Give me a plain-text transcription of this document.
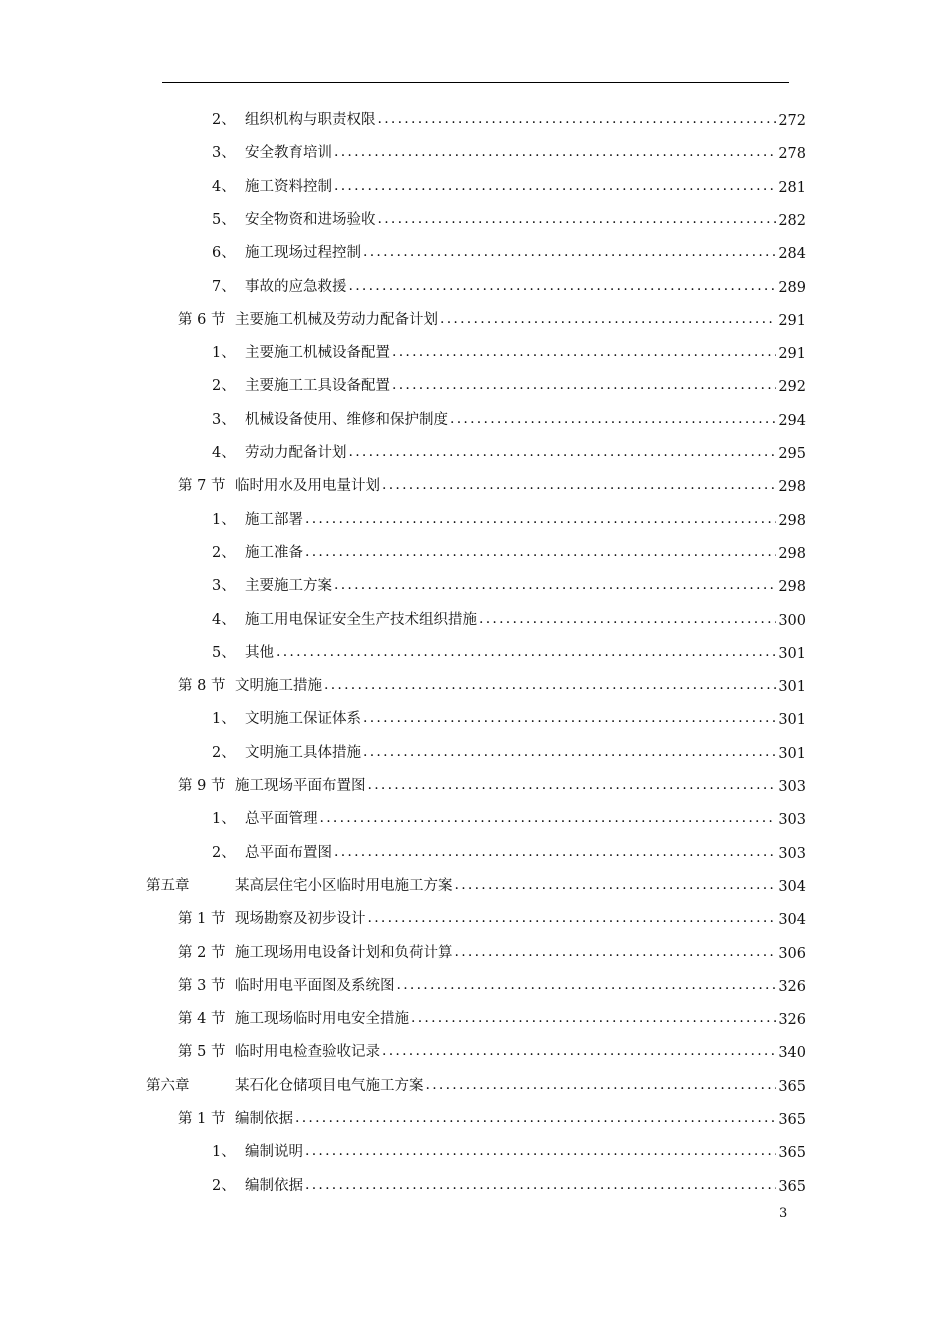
2、 组织机构与职责权限 . . .	272
3、 安全教育培训 . . .	278
4、 施工资料控制 . . .	281
5、 安全物资和进场验收 . . .	282
6、 施工现场过程控制 . . .	284
7、 事故的应急救援 . . .	289
第 6 节 主要施工机械及劳动力配备计划 . . .	291
1、 主要施工机械设备配置 . . .	291
2、 主要施工工具设备配置 . . .	292
3、 机械设备使用、维修和保护制度 . . .	294
4、 劳动力配备计划 . . .	295
第 7 节 临时用水及用电量计划 . . .	298
1、 施工部署 . . .	298
2、 施工准备 . . .	298
3、 主要施工方案 . . .	298
4、 施工用电保证安全生产技术组织措施 . . .	300
5、 其他 . . .	301
第 8 节 文明施工措施 . . .	301
1、 文明施工保证体系 . . .	301
2、 文明施工具体措施 . . .	301
第 9 节 施工现场平面布置图 . . .	303
1、 总平面管理 . . .	303
2、 总平面布置图 . . .	303
第五章	某高层住宅小区临时用电施工方案 . . .	304
第 1 节 现场勘察及初步设计 . . .	304
第 2 节 施工现场用电设备计划和负荷计算 . . .	306
第 3 节 临时用电平面图及系统图 . . .	326
第 4 节 施工现场临时用电安全措施 . . .	326
第 5 节 临时用电检查验收记录 . . .	340
第六章	某石化仓储项目电气施工方案 . . .	365
第 1 节 编制依据 . . .	365
1、 编制说明 . . .	365
2、 编制依据 . . .	365
3
